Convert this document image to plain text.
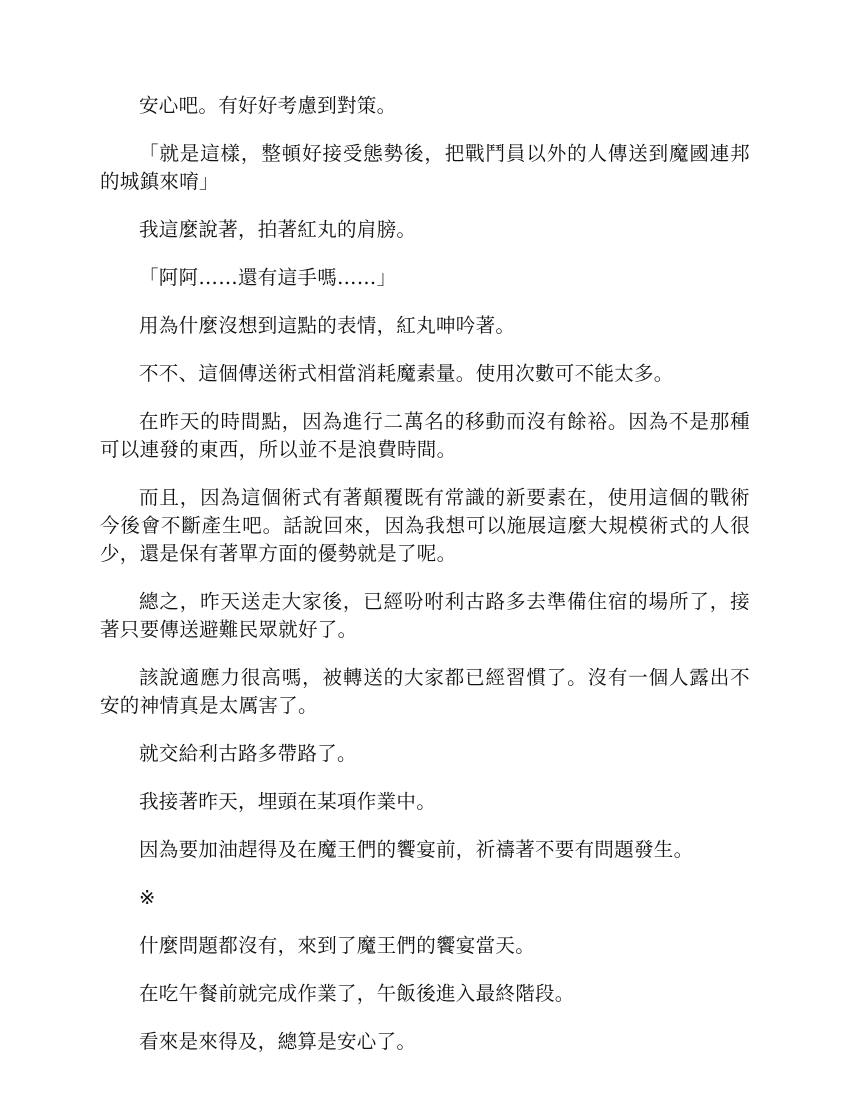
安心吧。有好好考慮到對策。

「就是這樣，整頓好接受態勢後，把戰鬥員以外的人傳送到魔國連邦的城鎮來唷」

我這麼說著，拍著紅丸的肩膀。

「阿阿……還有這手嗎……」

用為什麼沒想到這點的表情，紅丸呻吟著。

不不、這個傳送術式相當消耗魔素量。使用次數可不能太多。

在昨天的時間點，因為進行二萬名的移動而沒有餘裕。因為不是那種可以連發的東西，所以並不是浪費時間。

而且，因為這個術式有著顛覆既有常識的新要素在，使用這個的戰術今後會不斷產生吧。話說回來，因為我想可以施展這麼大規模術式的人很少，還是保有著單方面的優勢就是了呢。

總之，昨天送走大家後，已經吩咐利古路多去準備住宿的場所了，接著只要傳送避難民眾就好了。

該說適應力很高嗎，被轉送的大家都已經習慣了。沒有一個人露出不安的神情真是太厲害了。

就交給利古路多帶路了。

我接著昨天，埋頭在某項作業中。

因為要加油趕得及在魔王們的饗宴前，祈禱著不要有問題發生。

※

什麼問題都沒有，來到了魔王們的饗宴當天。

在吃午餐前就完成作業了，午飯後進入最終階段。

看來是來得及，總算是安心了。
